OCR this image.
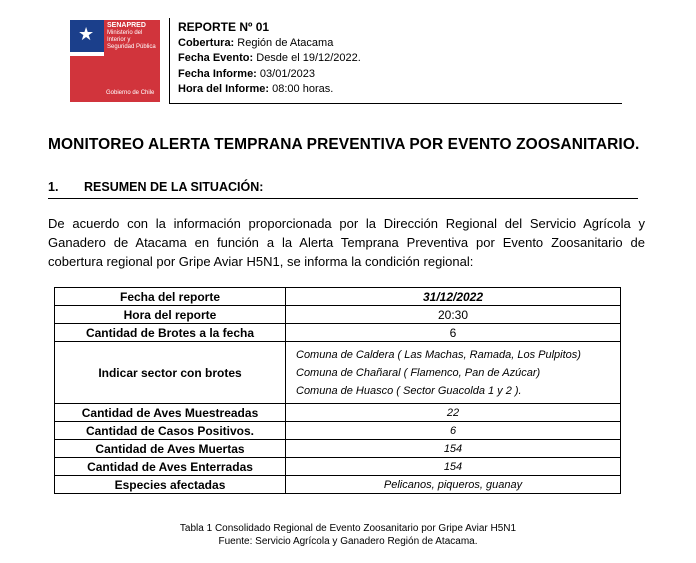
★ SENAPRED
Ministerio del Interior y Seguridad Pública
Gobierno de Chile
REPORTE Nº 01
Cobertura: Región de Atacama
Fecha Evento: Desde el 19/12/2022.
Fecha Informe: 03/01/2023
Hora del Informe: 08:00 horas.
MONITOREO ALERTA TEMPRANA PREVENTIVA POR EVENTO ZOOSANITARIO.
1. RESUMEN DE LA SITUACIÓN:
De acuerdo con la información proporcionada por la Dirección Regional del Servicio Agrícola y Ganadero de Atacama en función a la Alerta Temprana Preventiva por Evento Zoosanitario de cobertura regional por Gripe Aviar H5N1, se informa la condición regional:
Fecha del reporte	31/12/2022
Hora del reporte	20:30
Cantidad de Brotes a la fecha	6
Indicar sector con brotes	Comuna de Caldera ( Las Machas, Ramada, Los Pulpitos)
Comuna de Chañaral ( Flamenco, Pan de Azúcar)
Comuna de Huasco ( Sector Guacolda 1 y 2 ).

Cantidad de Aves Muestreadas	22
Cantidad de Casos Positivos.	6
Cantidad de Aves Muertas	154
Cantidad de Aves Enterradas	154
Especies afectadas	Pelicanos, piqueros, guanay
Tabla 1 Consolidado Regional de Evento Zoosanitario por Gripe Aviar H5N1
Fuente: Servicio Agrícola y Ganadero Región de Atacama.
